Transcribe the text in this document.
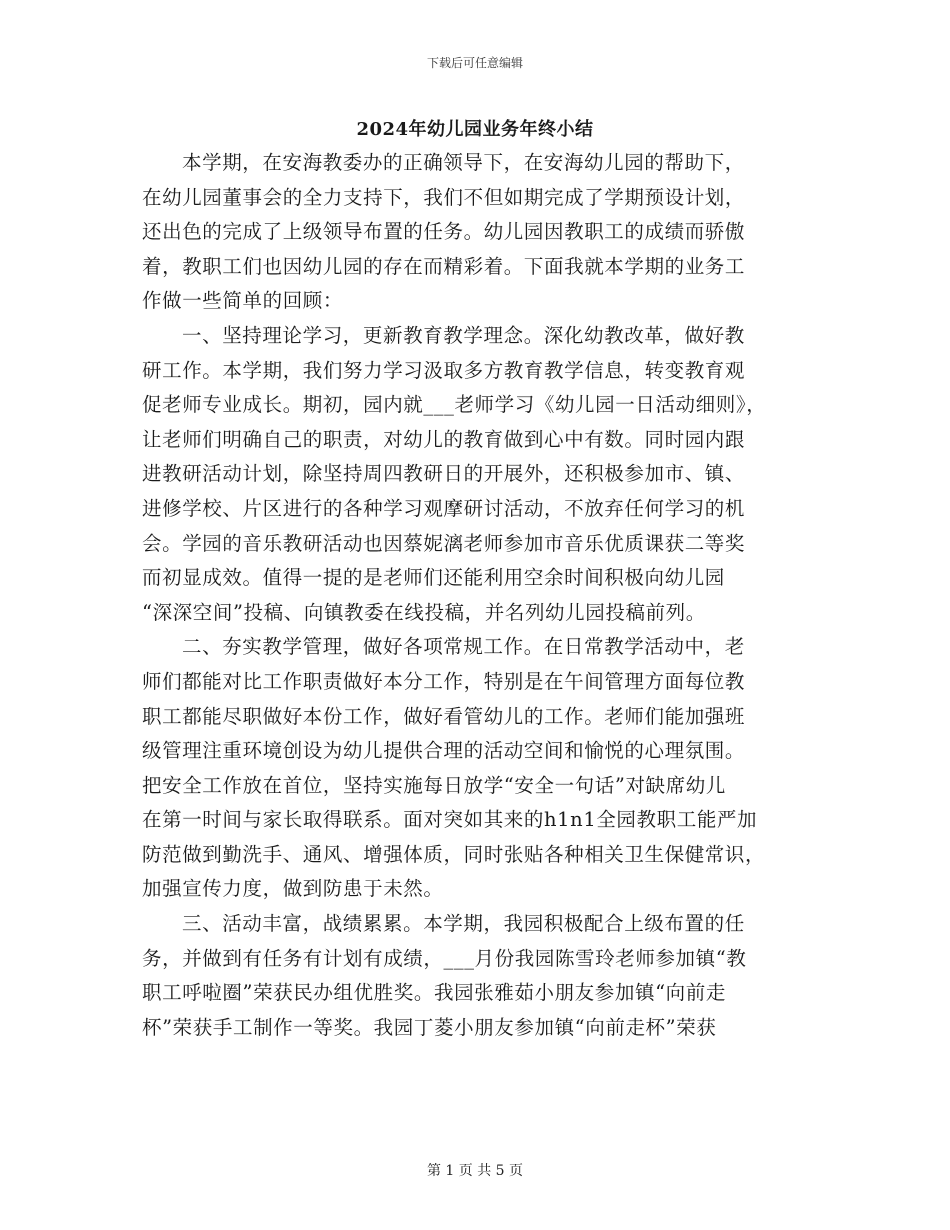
下载后可任意编辑
2024年幼儿园业务年终小结

本学期，在安海教委办的正确领导下，在安海幼儿园的帮助下，
在幼儿园董事会的全力支持下，我们不但如期完成了学期预设计划，
还出色的完成了上级领导布置的任务。幼儿园因教职工的成绩而骄傲
着，教职工们也因幼儿园的存在而精彩着。下面我就本学期的业务工
作做一些简单的回顾：

一、坚持理论学习，更新教育教学理念。深化幼教改革，做好教
研工作。本学期，我们努力学习汲取多方教育教学信息，转变教育观
促老师专业成长。期初，园内就___老师学习《幼儿园一日活动细则》，
让老师们明确自己的职责，对幼儿的教育做到心中有数。同时园内跟
进教研活动计划，除坚持周四教研日的开展外，还积极参加市、镇、
进修学校、片区进行的各种学习观摩研讨活动，不放弃任何学习的机
会。学园的音乐教研活动也因蔡妮漓老师参加市音乐优质课获二等奖
而初显成效。值得一提的是老师们还能利用空余时间积极向幼儿园
“深深空间”投稿、向镇教委在线投稿，并名列幼儿园投稿前列。

二、夯实教学管理，做好各项常规工作。在日常教学活动中，老
师们都能对比工作职责做好本分工作，特别是在午间管理方面每位教
职工都能尽职做好本份工作，做好看管幼儿的工作。老师们能加强班
级管理注重环境创设为幼儿提供合理的活动空间和愉悦的心理氛围。
把安全工作放在首位，坚持实施每日放学“安全一句话”对缺席幼儿
在第一时间与家长取得联系。面对突如其来的h1n1全园教职工能严加
防范做到勤洗手、通风、增强体质，同时张贴各种相关卫生保健常识，
加强宣传力度，做到防患于未然。

三、活动丰富，战绩累累。本学期，我园积极配合上级布置的任
务，并做到有任务有计划有成绩，___月份我园陈雪玲老师参加镇“教
职工呼啦圈”荣获民办组优胜奖。我园张雅茹小朋友参加镇“向前走
杯”荣获手工制作一等奖。我园丁菱小朋友参加镇“向前走杯”荣获

第 1 页 共 5 页
